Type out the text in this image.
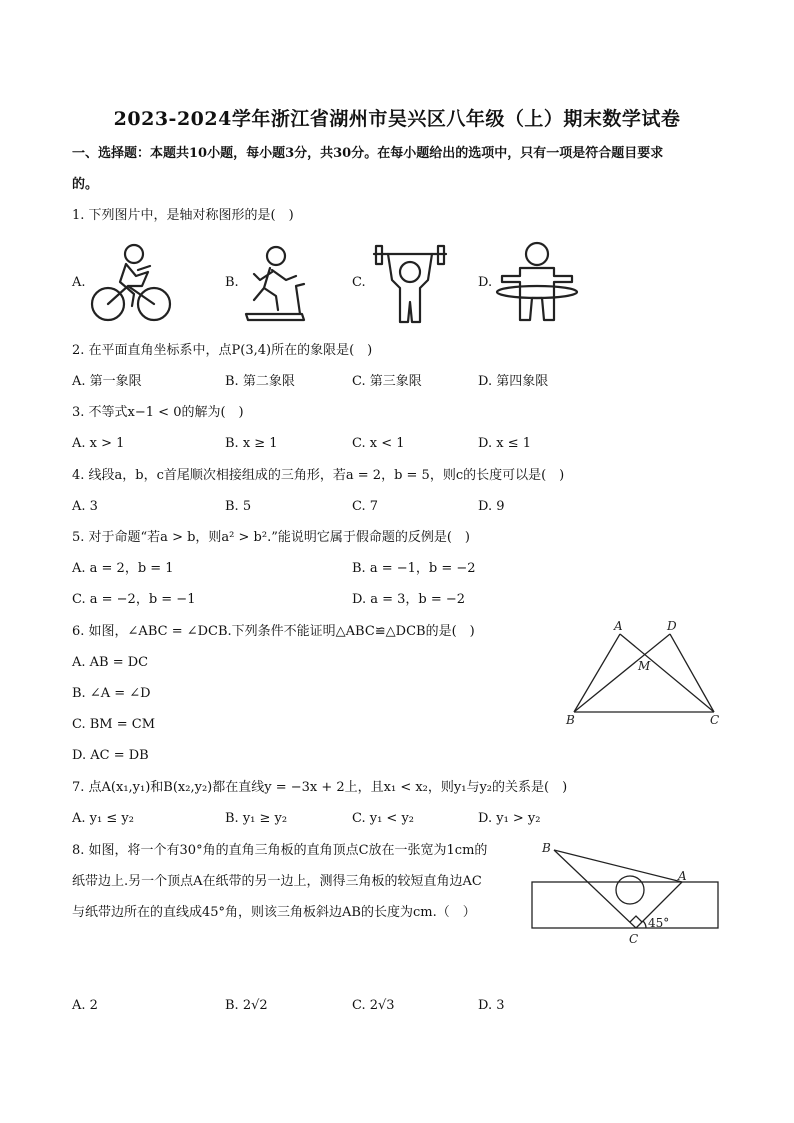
2023-2024学年浙江省湖州市吴兴区八年级（上）期末数学试卷
一、选择题：本题共10小题，每小题3分，共30分。在每小题给出的选项中，只有一项是符合题目要求
的。
1. 下列图片中，是轴对称图形的是(　)
A.	B.	C.	D.
2. 在平面直角坐标系中，点P(3,4)所在的象限是(　)
A. 第一象限	B. 第二象限	C. 第三象限	D. 第四象限
3. 不等式x−1 < 0的解为(　)
A. x > 1	B. x ≥ 1	C. x < 1	D. x ≤ 1
4. 线段a，b，c首尾顺次相接组成的三角形，若a = 2，b = 5，则c的长度可以是(　)
A. 3	B. 5	C. 7	D. 9
5. 对于命题“若a > b，则a² > b².”能说明它属于假命题的反例是(　)
A. a = 2，b = 1	B. a = −1，b = −2
C. a = −2，b = −1	D. a = 3，b = −2
6. 如图，∠ABC = ∠DCB.下列条件不能证明△ABC≌△DCB的是(　)
A. AB = DC
B. ∠A = ∠D
C. BM = CM
D. AC = DB
A	D
M
B	C
7. 点A(x₁,y₁)和B(x₂,y₂)都在直线y = −3x + 2上，且x₁ < x₂，则y₁与y₂的关系是(　)
A. y₁ ≤ y₂	B. y₁ ≥ y₂	C. y₁ < y₂	D. y₁ > y₂
8. 如图，将一个有30°角的直角三角板的直角顶点C放在一张宽为1cm的
纸带边上.另一个顶点A在纸带的另一边上，测得三角板的较短直角边AC
与纸带边所在的直线成45°角，则该三角板斜边AB的长度为cm.（　）
B
A
C
45°
A. 2	B. 2√2	C. 2√3	D. 3
